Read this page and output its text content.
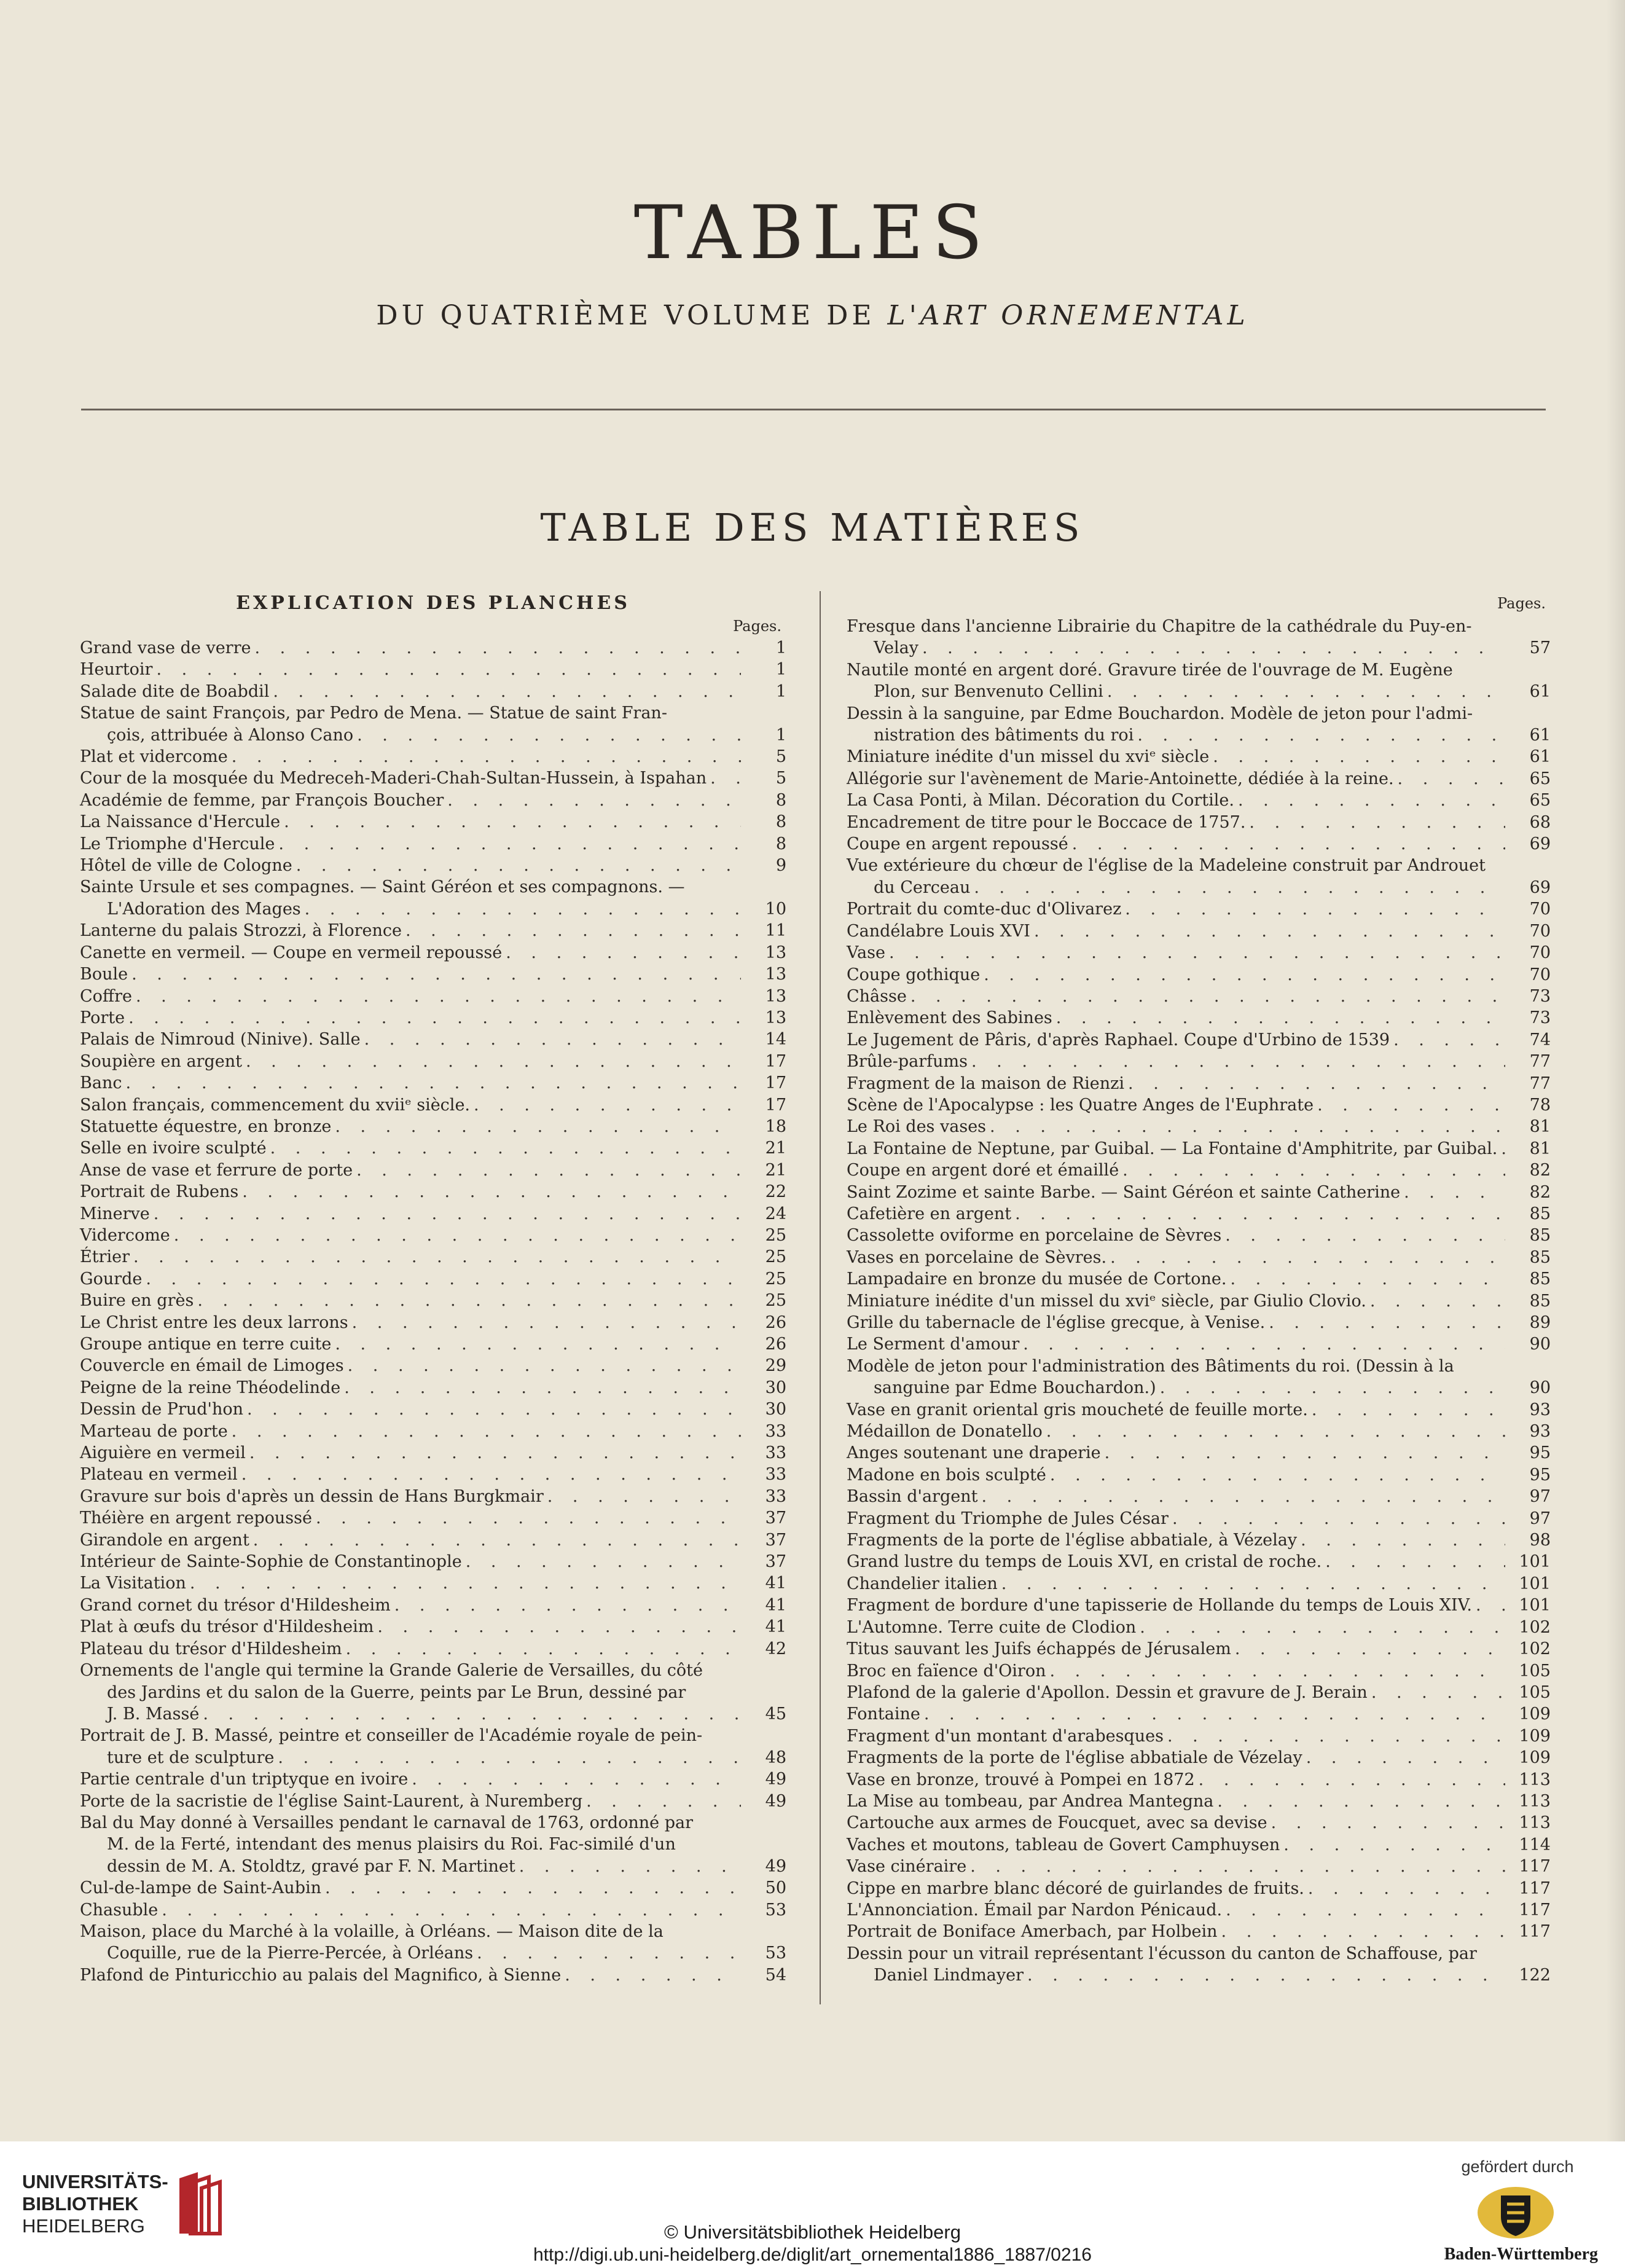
TABLES
DU QUATRIÈME VOLUME DE L'ART ORNEMENTAL
TABLE DES MATIÈRES
EXPLICATION DES PLANCHES
Pages.
Grand vase de verre . . .	1
Heurtoir . . .	1
Salade dite de Boabdil . . .	1
Statue de saint François, par Pedro de Mena. — Statue de saint Fran-
çois, attribuée à Alonso Cano . . .	1
Plat et vidercome . . .	5
Cour de la mosquée du Medreceh-Maderi-Chah-Sultan-Hussein, à Ispahan . . .	5
Académie de femme, par François Boucher . . .	8
La Naissance d'Hercule . . .	8
Le Triomphe d'Hercule . . .	8
Hôtel de ville de Cologne . . .	9
Sainte Ursule et ses compagnes. — Saint Géréon et ses compagnons. —
L'Adoration des Mages . . .	10
Lanterne du palais Strozzi, à Florence . . .	11
Canette en vermeil. — Coupe en vermeil repoussé . . .	13
Boule . . .	13
Coffre . . .	13
Porte . . .	13
Palais de Nimroud (Ninive). Salle . . .	14
Soupière en argent . . .	17
Banc . . .	17
Salon français, commencement du xviiᵉ siècle. . . .	17
Statuette équestre, en bronze . . .	18
Selle en ivoire sculpté . . .	21
Anse de vase et ferrure de porte . . .	21
Portrait de Rubens . . .	22
Minerve . . .	24
Vidercome . . .	25
Étrier . . .	25
Gourde . . .	25
Buire en grès . . .	25
Le Christ entre les deux larrons . . .	26
Groupe antique en terre cuite . . .	26
Couvercle en émail de Limoges . . .	29
Peigne de la reine Théodelinde . . .	30
Dessin de Prud'hon . . .	30
Marteau de porte . . .	33
Aiguière en vermeil . . .	33
Plateau en vermeil . . .	33
Gravure sur bois d'après un dessin de Hans Burgkmair . . .	33
Théière en argent repoussé . . .	37
Girandole en argent . . .	37
Intérieur de Sainte-Sophie de Constantinople . . .	37
La Visitation . . .	41
Grand cornet du trésor d'Hildesheim . . .	41
Plat à œufs du trésor d'Hildesheim . . .	41
Plateau du trésor d'Hildesheim . . .	42
Ornements de l'angle qui termine la Grande Galerie de Versailles, du côté
des Jardins et du salon de la Guerre, peints par Le Brun, dessiné par
J. B. Massé . . .	45
Portrait de J. B. Massé, peintre et conseiller de l'Académie royale de pein-
ture et de sculpture . . .	48
Partie centrale d'un triptyque en ivoire . . .	49
Porte de la sacristie de l'église Saint-Laurent, à Nuremberg . . .	49
Bal du May donné à Versailles pendant le carnaval de 1763, ordonné par
M. de la Ferté, intendant des menus plaisirs du Roi. Fac-similé d'un
dessin de M. A. Stoldtz, gravé par F. N. Martinet . . .	49
Cul-de-lampe de Saint-Aubin . . .	50
Chasuble . . .	53
Maison, place du Marché à la volaille, à Orléans. — Maison dite de la
Coquille, rue de la Pierre-Percée, à Orléans . . .	53
Plafond de Pinturicchio au palais del Magnifico, à Sienne . . .	54
Pages.
Fresque dans l'ancienne Librairie du Chapitre de la cathédrale du Puy-en-
Velay . . .	57
Nautile monté en argent doré. Gravure tirée de l'ouvrage de M. Eugène
Plon, sur Benvenuto Cellini . . .	61
Dessin à la sanguine, par Edme Bouchardon. Modèle de jeton pour l'admi-
nistration des bâtiments du roi . . .	61
Miniature inédite d'un missel du xviᵉ siècle . . .	61
Allégorie sur l'avènement de Marie-Antoinette, dédiée à la reine. . . .	65
La Casa Ponti, à Milan. Décoration du Cortile. . . .	65
Encadrement de titre pour le Boccace de 1757. . . .	68
Coupe en argent repoussé . . .	69
Vue extérieure du chœur de l'église de la Madeleine construit par Androuet
du Cerceau . . .	69
Portrait du comte-duc d'Olivarez . . .	70
Candélabre Louis XVI . . .	70
Vase . . .	70
Coupe gothique . . .	70
Châsse . . .	73
Enlèvement des Sabines . . .	73
Le Jugement de Pâris, d'après Raphael. Coupe d'Urbino de 1539 . . .	74
Brûle-parfums . . .	77
Fragment de la maison de Rienzi . . .	77
Scène de l'Apocalypse : les Quatre Anges de l'Euphrate . . .	78
Le Roi des vases . . .	81
La Fontaine de Neptune, par Guibal. — La Fontaine d'Amphitrite, par Guibal. . . .	81
Coupe en argent doré et émaillé . . .	82
Saint Zozime et sainte Barbe. — Saint Géréon et sainte Catherine . . .	82
Cafetière en argent . . .	85
Cassolette oviforme en porcelaine de Sèvres . . .	85
Vases en porcelaine de Sèvres. . . .	85
Lampadaire en bronze du musée de Cortone. . . .	85
Miniature inédite d'un missel du xviᵉ siècle, par Giulio Clovio. . . .	85
Grille du tabernacle de l'église grecque, à Venise. . . .	89
Le Serment d'amour . . .	90
Modèle de jeton pour l'administration des Bâtiments du roi. (Dessin à la
sanguine par Edme Bouchardon.) . . .	90
Vase en granit oriental gris moucheté de feuille morte. . . .	93
Médaillon de Donatello . . .	93
Anges soutenant une draperie . . .	95
Madone en bois sculpté . . .	95
Bassin d'argent . . .	97
Fragment du Triomphe de Jules César . . .	97
Fragments de la porte de l'église abbatiale, à Vézelay . . .	98
Grand lustre du temps de Louis XVI, en cristal de roche. . . .	101
Chandelier italien . . .	101
Fragment de bordure d'une tapisserie de Hollande du temps de Louis XIV. . . .	101
L'Automne. Terre cuite de Clodion . . .	102
Titus sauvant les Juifs échappés de Jérusalem . . .	102
Broc en faïence d'Oiron . . .	105
Plafond de la galerie d'Apollon. Dessin et gravure de J. Berain . . .	105
Fontaine . . .	109
Fragment d'un montant d'arabesques . . .	109
Fragments de la porte de l'église abbatiale de Vézelay . . .	109
Vase en bronze, trouvé à Pompei en 1872 . . .	113
La Mise au tombeau, par Andrea Mantegna . . .	113
Cartouche aux armes de Foucquet, avec sa devise . . .	113
Vaches et moutons, tableau de Govert Camphuysen . . .	114
Vase cinéraire . . .	117
Cippe en marbre blanc décoré de guirlandes de fruits. . . .	117
L'Annonciation. Émail par Nardon Pénicaud. . . .	117
Portrait de Boniface Amerbach, par Holbein . . .	117
Dessin pour un vitrail représentant l'écusson du canton de Schaffouse, par
Daniel Lindmayer . . .	122
UNIVERSITÄTS-
BIBLIOTHEK
HEIDELBERG	© Universitätsbibliothek Heidelberg
http://digi.ub.uni-heidelberg.de/diglit/art_ornemental1886_1887/0216
gefördert durch
Baden-Württemberg
